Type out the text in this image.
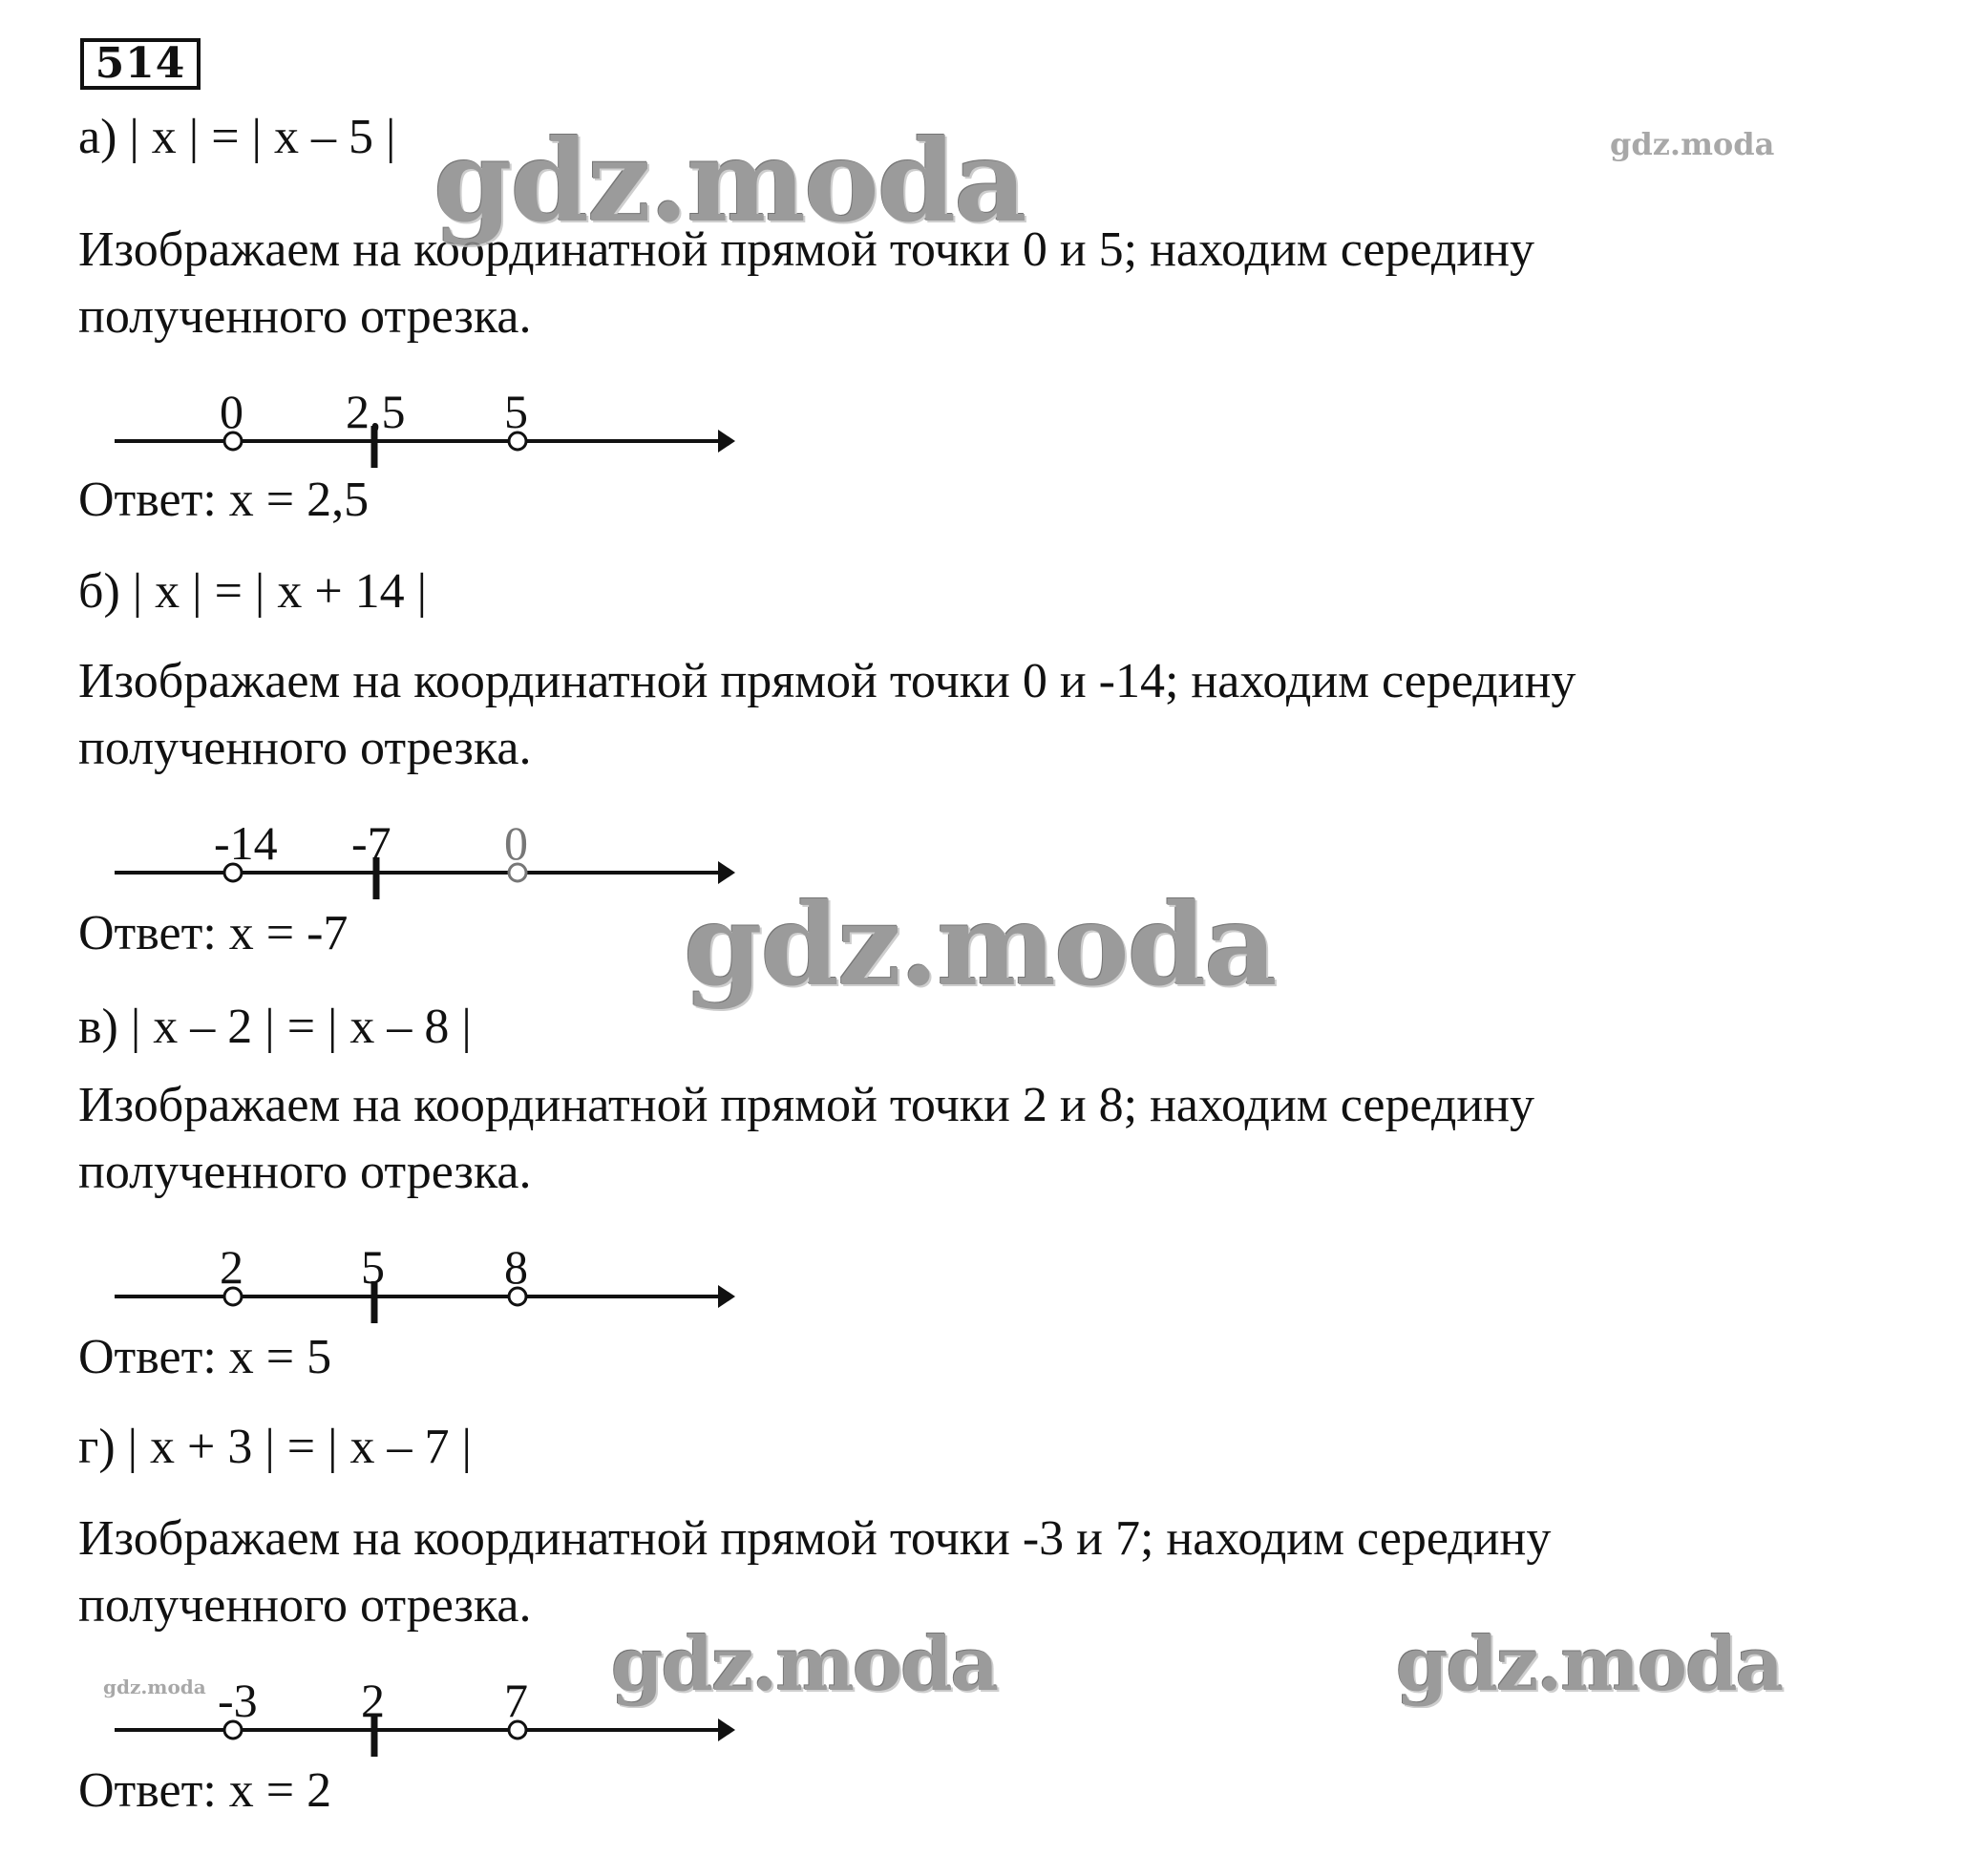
514
а) | x | = | x – 5 |
Изображаем на координатной прямой точки 0 и 5; находим середину
полученного отрезка.
0 2,5 5
Ответ: x = 2,5
б) | x | = | x + 14 |
Изображаем на координатной прямой точки 0 и -14; находим середину
полученного отрезка.
-14 -7 0
Ответ: x = -7
в) | x – 2 | = | x – 8 |
Изображаем на координатной прямой точки 2 и 8; находим середину
полученного отрезка.
2 5	8
Ответ: x = 5
г) | x + 3 | = | x – 7 |
Изображаем на координатной прямой точки -3 и 7; находим середину
полученного отрезка.
-3 2	7
Ответ: x = 2
gdz.moda	gdz.moda
gdz.moda
gdz.moda	gdz.moda
gdz.moda
